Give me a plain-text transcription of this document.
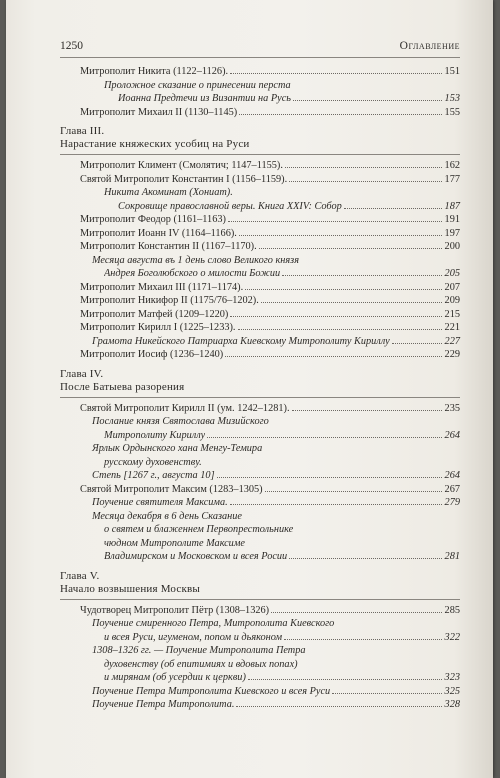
1250	Оглавление
Митрополит Никита (1122–1126).	151
Проложное сказание о принесении перста
Иоанна Предтечи из Византии на Русь	153
Митрополит Михаил II (1130–1145)	155
Глава III.
Нарастание княжеских усобиц на Руси
Митрополит Климент (Смолятич; 1147–1155).	162
Святой Митрополит Константин I (1156–1159).	177
Никита Акоминат (Хониат).
Сокровище православной веры. Книга XXIV: Собор	187
Митрополит Феодор (1161–1163)	191
Митрополит Иоанн IV (1164–1166).	197
Митрополит Константин II (1167–1170).	200
Месяца августа въ 1 день слово Великого князя
Андрея Боголюбского о милости Божии	205
Митрополит Михаил III (1171–1174).	207
Митрополит Никифор II (1175/76–1202).	209
Митрополит Матфей (1209–1220)	215
Митрополит Кирилл I (1225–1233).	221
Грамота Никейского Патриарха Киевскому Митрополиту Кириллу	227
Митрополит Иосиф (1236–1240)	229
Глава IV.
После Батыева разорения
Святой Митрополит Кирилл II (ум. 1242–1281).	235
Послание князя Святослава Мизийского
Митрополиту Кириллу	264
Ярлык Ордынского хана Менгу-Темира
русскому духовенству.
Степь [1267 г., августа 10]	264
Святой Митрополит Максим (1283–1305)	267
Поучение святителя Максима.	279
Месяца декабря в 6 день Сказание
о святем и блаженнем Первопрестольнике
чюдном Митрополите Максиме
Владимирском и Московском и всея Росии	281
Глава V.
Начало возвышения Москвы
Чудотворец Митрополит Пётр (1308–1326)	285
Поучение смиренного Петра, Митрополита Киевского
и всея Руси, игуменом, попом и дьяконом	322
1308–1326 гг. — Поучение Митрополита Петра
духовенству (об епитимиях и вдовых попах)
и мирянам (об усердии к церкви)	323
Поучение Петра Митрополита Киевского и всея Руси	325
Поучение Петра Митрополита.	328
